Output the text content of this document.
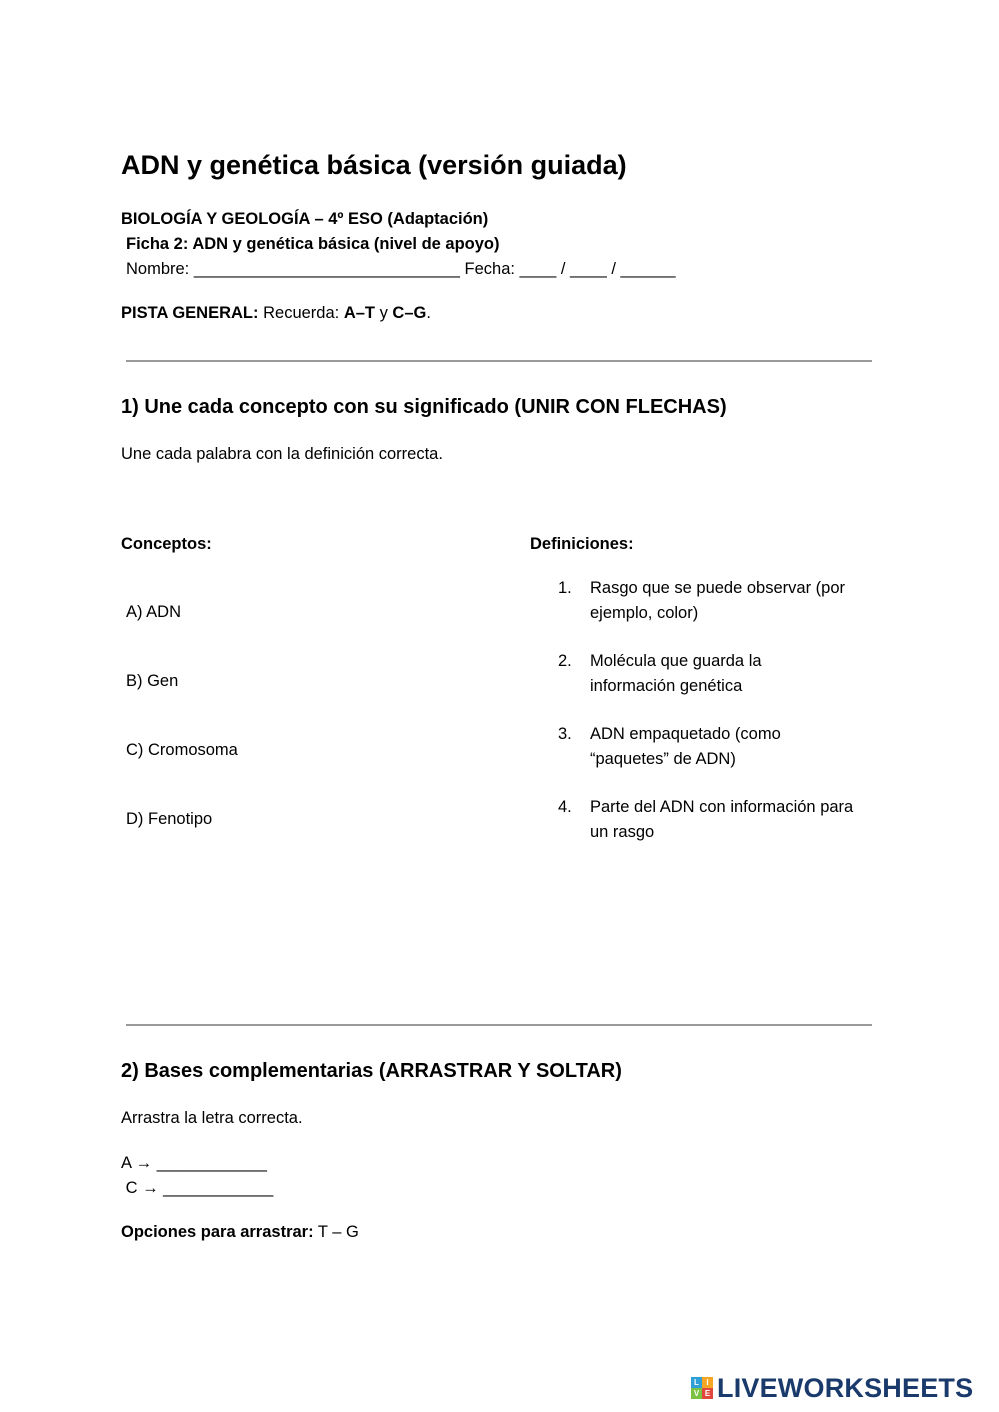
ADN y genética básica (versión guiada)
BIOLOGÍA Y GEOLOGÍA – 4º ESO (Adaptación)
Ficha 2: ADN y genética básica (nivel de apoyo)
Nombre: _____________________________ Fecha: ____ / ____ / ______
PISTA GENERAL: Recuerda: A–T y C–G.
1) Une cada concepto con su significado (UNIR CON FLECHAS)
Une cada palabra con la definición correcta.
Conceptos:	Definiciones:
A) ADN
B) Gen
C) Cromosoma
D) Fenotipo
1. Rasgo que se puede observar (por ejemplo, color)
2. Molécula que guarda la información genética
3. ADN empaquetado (como “paquetes” de ADN)
4. Parte del ADN con información para un rasgo
2) Bases complementarias (ARRASTRAR Y SOLTAR)
Arrastra la letra correcta.
A → ____________
C → ____________
Opciones para arrastrar: T – G
L I
V E LIVEWORKSHEETS
